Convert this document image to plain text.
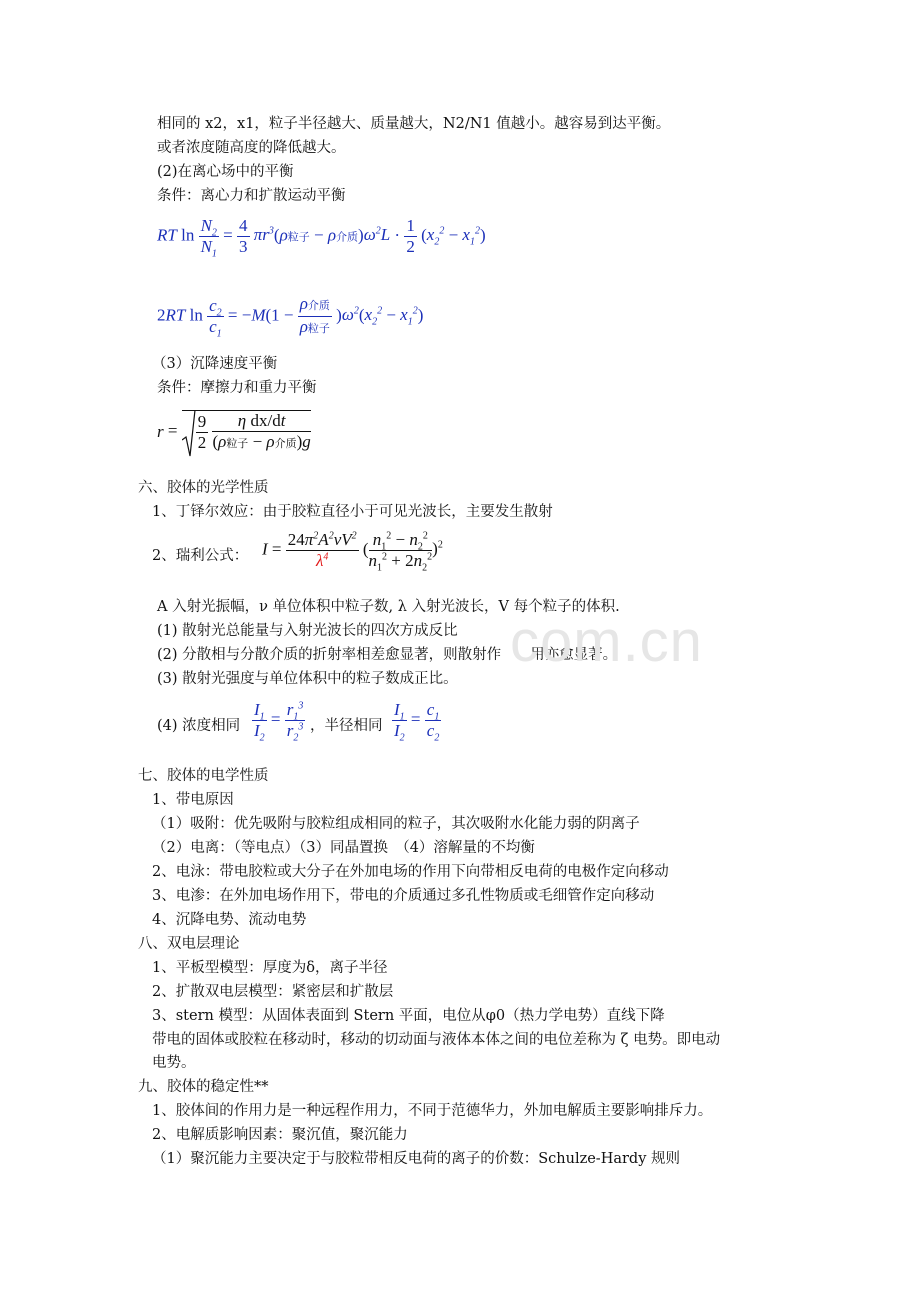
相同的 x2，x1，粒子半径越大、质量越大，N2/N1 值越小。越容易到达平衡。
或者浓度随高度的降低越大。
(2)在离心场中的平衡
条件：离心力和扩散运动平衡
RT $\ln \frac{N_2}{N_1} = \frac{4}{3} \pi r^3(\rho$粒子 − ρ介质)$\omega^2L \cdot \frac{1}{2} (x_2^2 - x_1^2)$
2RT $\ln \frac{c_2}{c_1} = -M(1 - \frac{\text{ρ介质}}{\text{ρ粒子}} )\omega^2(x_2^2 - x_1^2)$
（3）沉降速度平衡
条件：摩擦力和重力平衡
$r = \frac{9}{2}$
$\frac{\text{η dx/dt}}{\text{(ρ粒子 − ρ介质)g}}$
六、胶体的光学性质
1、丁铎尔效应：由于胶粒直径小于可见光波长，主要发生散射
2、瑞利公式： $I = \frac{24\pi^2A^2\nu V^2}{\lambda^4}$ ( $\frac{n_1^2 - n_2^2}{n_1^2 + 2n_2^2} )^2$
A 入射光振幅，ν 单位体积中粒子数, λ 入射光波长，V 每个粒子的体积.
(1) 散射光总能量与入射光波长的四次方成反比
(2) 分散相与分散介质的折射率相差愈显著，则散射作　　用亦愈显著。
(3) 散射光强度与单位体积中的粒子数成正比。
(4) 浓度相同 $\frac{I_1}{I_2} = \frac{r_1^3}{r_2^3}$ ，半径相同 $\frac{I_1}{I_2} = \frac{c_1}{c_2}$
七、胶体的电学性质
1、带电原因
（1）吸附：优先吸附与胶粒组成相同的粒子，其次吸附水化能力弱的阴离子
（2）电离：（等电点）（3）同晶置换　（4）溶解量的不均衡
2、电泳：带电胶粒或大分子在外加电场的作用下向带相反电荷的电极作定向移动
3、电渗：在外加电场作用下，带电的介质通过多孔性物质或毛细管作定向移动
4、沉降电势、流动电势
八、双电层理论
1、平板型模型：厚度为δ，离子半径
2、扩散双电层模型：紧密层和扩散层
3、stern 模型：从固体表面到 Stern 平面，电位从φ0（热力学电势）直线下降
带电的固体或胶粒在移动时，移动的切动面与液体本体之间的电位差称为 ζ 电势。即电动
电势。
九、胶体的稳定性**
1、胶体间的作用力是一种远程作用力，不同于范德华力，外加电解质主要影响排斥力。
2、电解质影响因素：聚沉值，聚沉能力
（1）聚沉能力主要决定于与胶粒带相反电荷的离子的价数：Schulze-Hardy 规则
com.cn
